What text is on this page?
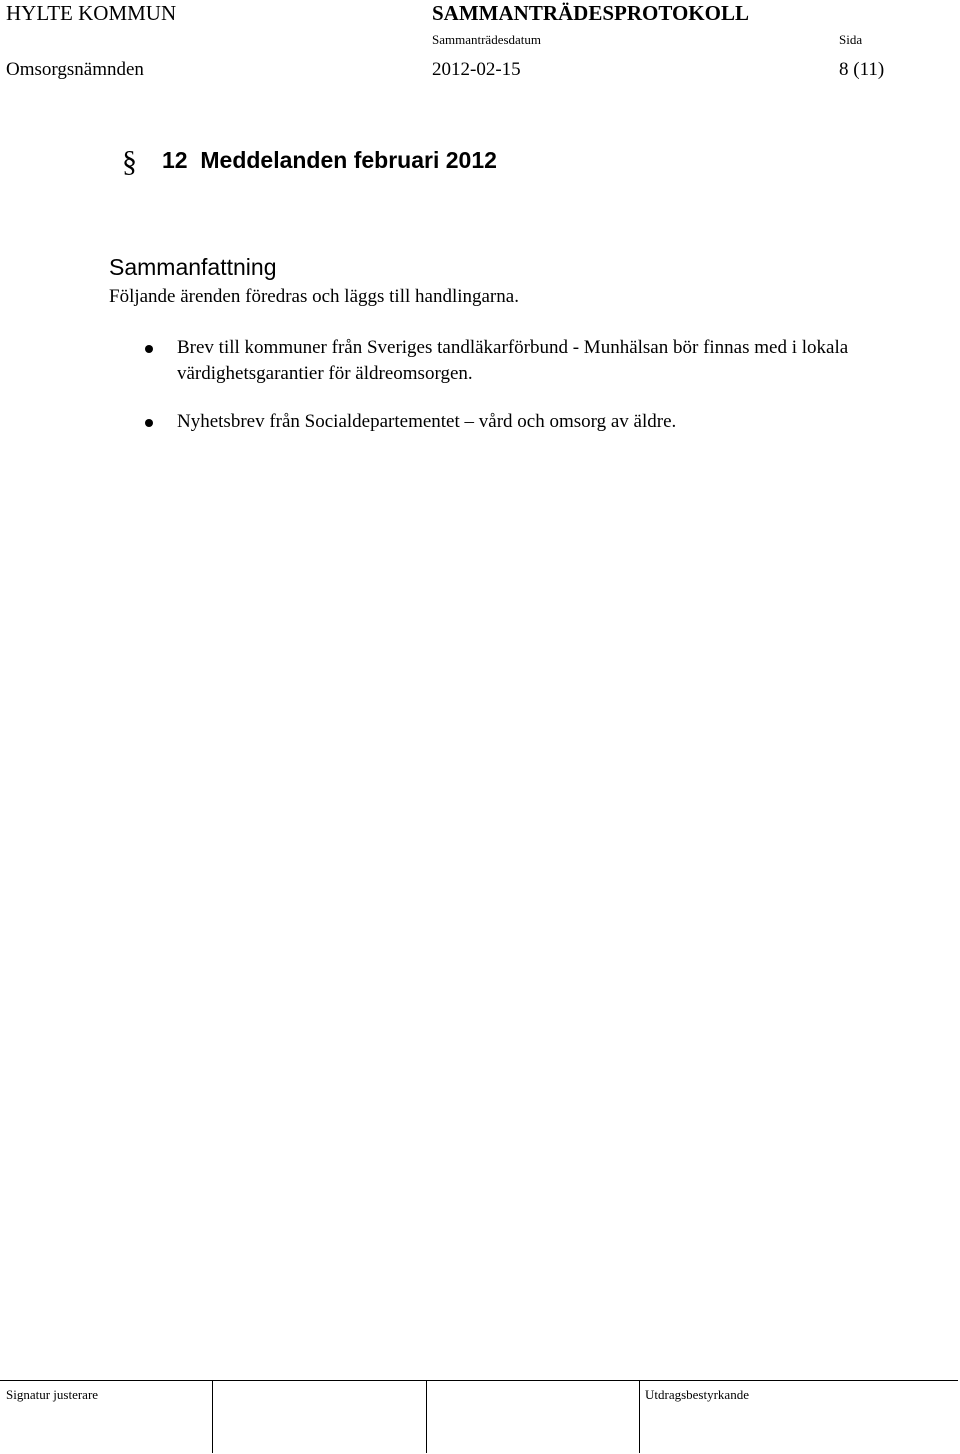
HYLTE KOMMUN	SAMMANTRÄDESPROTOKOLL
Sammanträdesdatum	Sida
Omsorgsnämnden	2012-02-15	8 (11)
§ 12  Meddelanden februari 2012
Sammanfattning
Följande ärenden föredras och läggs till handlingarna.
Brev till kommuner från Sveriges tandläkarförbund - Munhälsan bör finnas med i lokala värdighetsgarantier för äldreomsorgen.
Nyhetsbrev från Socialdepartementet – vård och omsorg av äldre.
Signatur justerare	Utdragsbestyrkande
